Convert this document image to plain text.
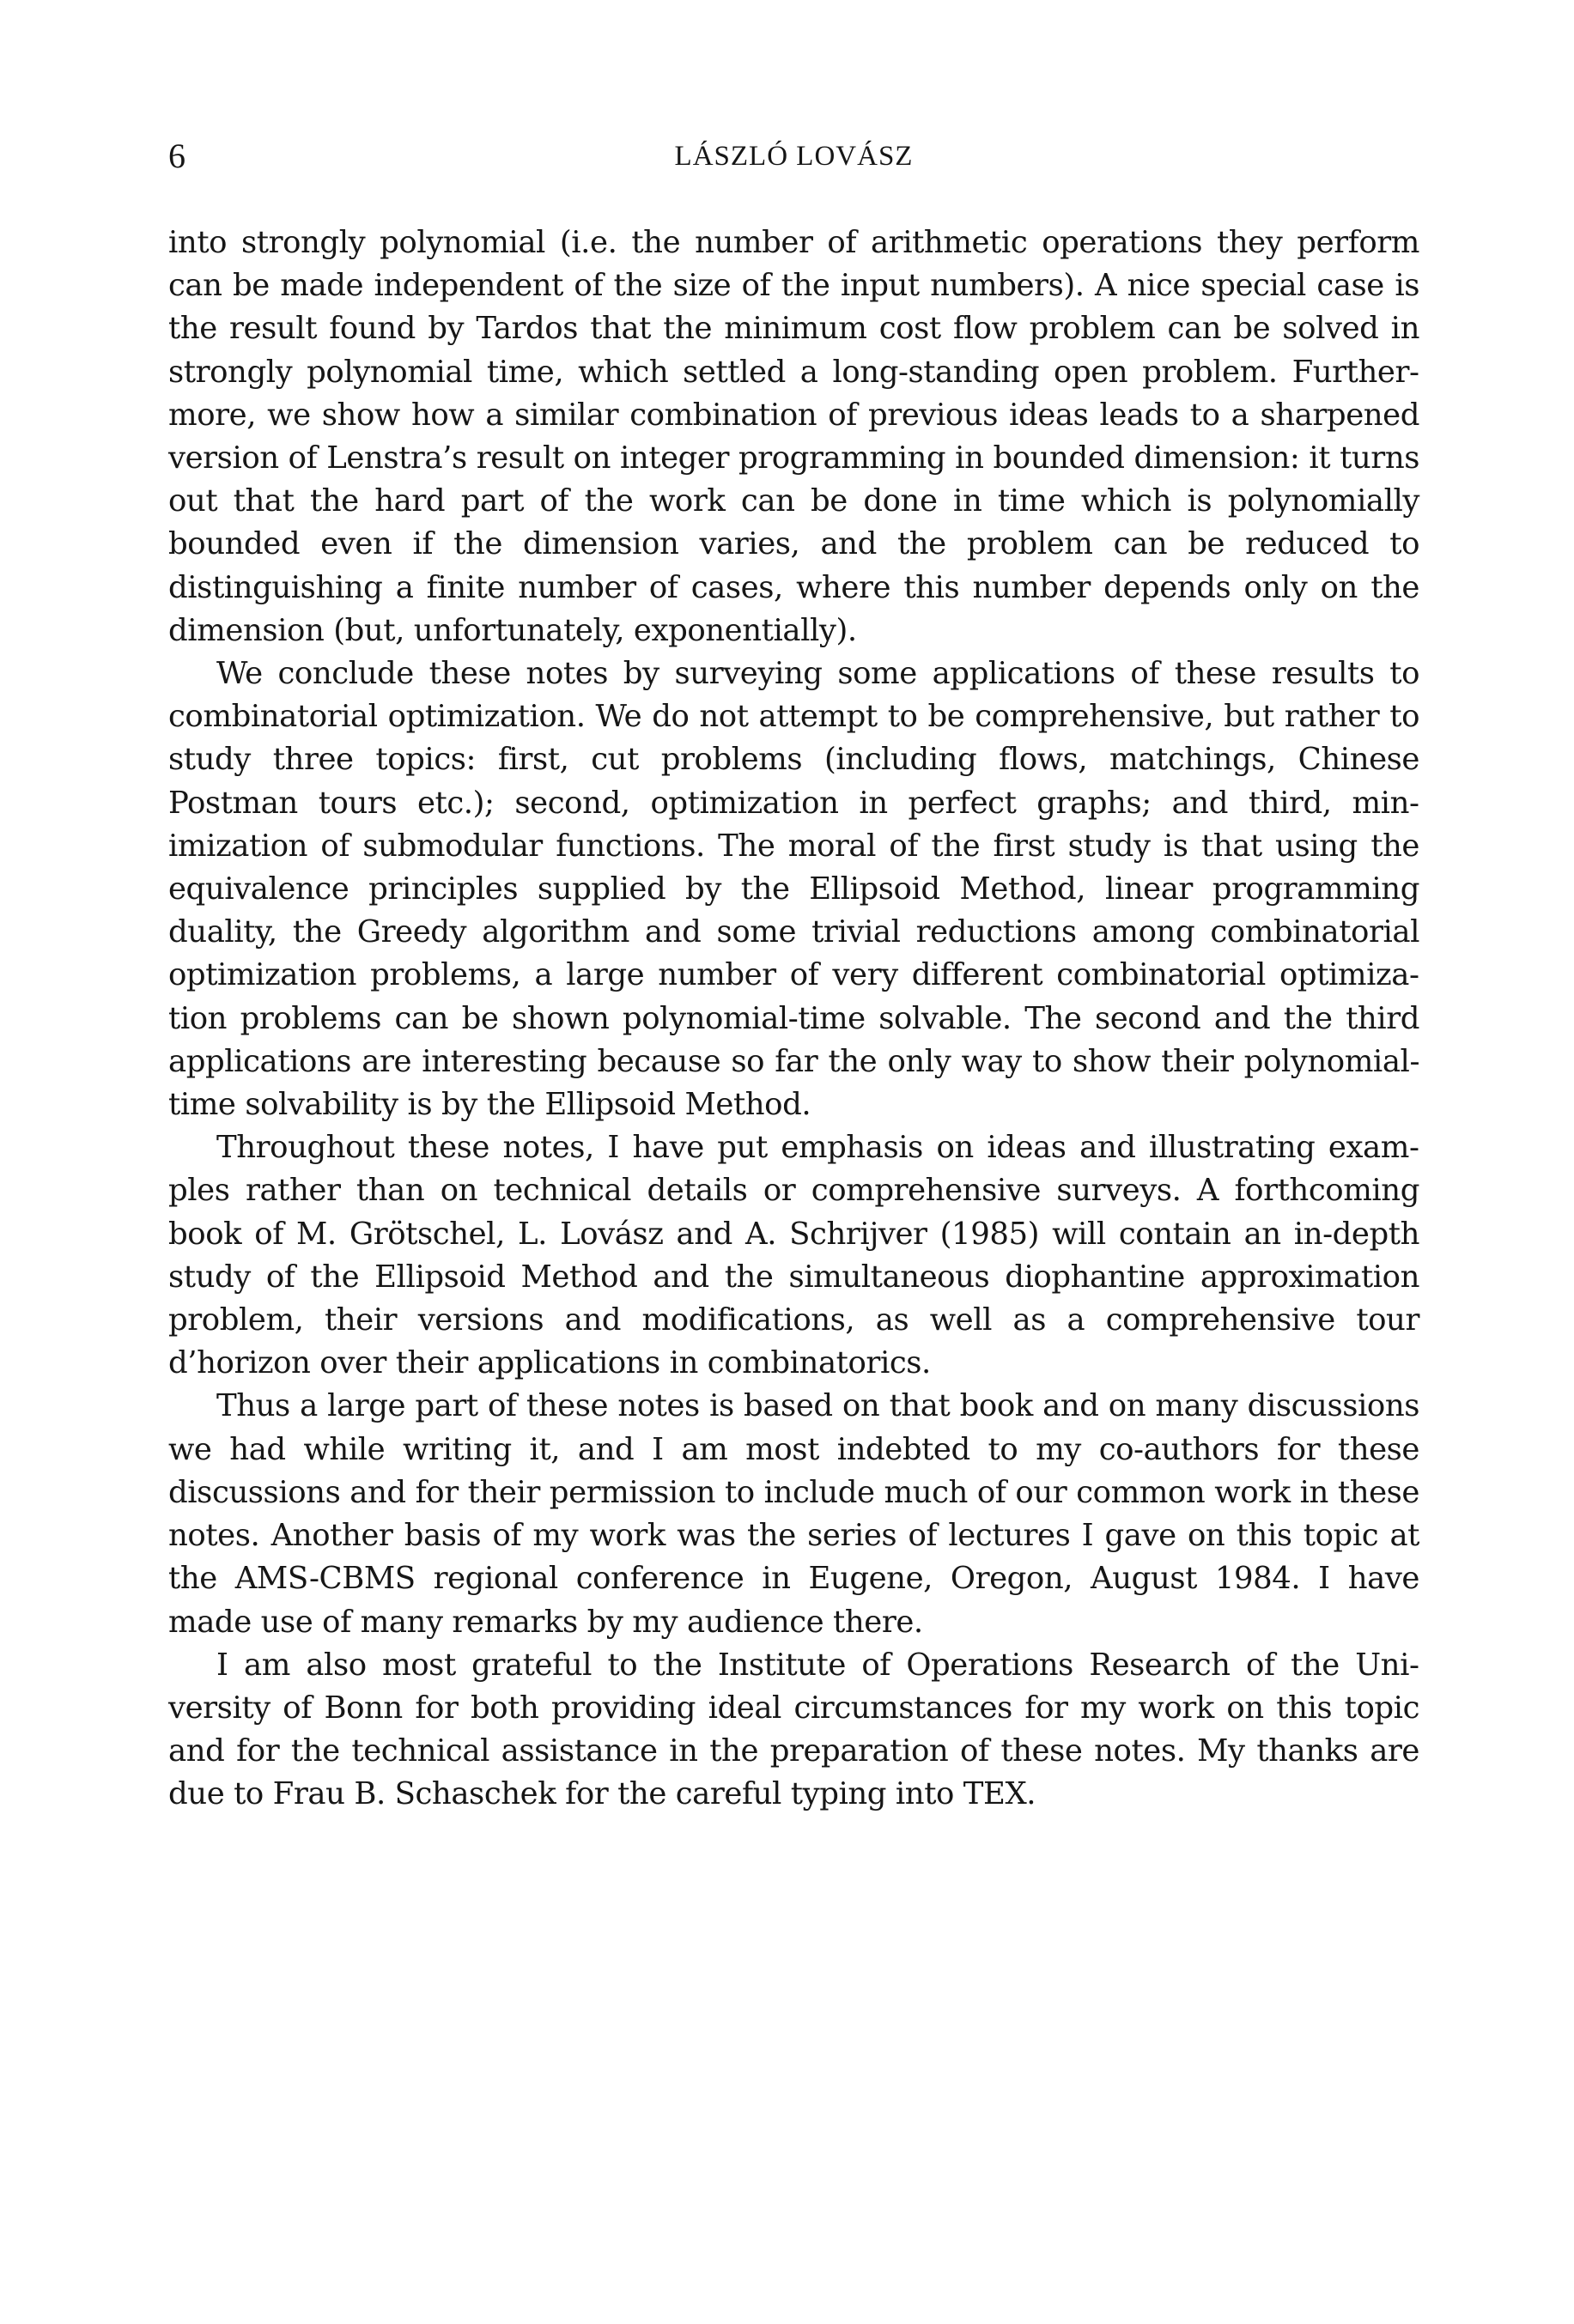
6	LÁSZLÓ LOVÁSZ

into strongly polynomial (i.e. the number of arithmetic operations they perform can be made independent of the size of the input numbers). A nice special case is the result found by Tardos that the minimum cost flow problem can be solved in strongly polynomial time, which settled a long-standing open problem. Furthermore, we show how a similar combination of previous ideas leads to a sharpened version of Lenstra’s result on integer programming in bounded dimension: it turns out that the hard part of the work can be done in time which is polynomially bounded even if the dimension varies, and the problem can be reduced to distinguishing a finite number of cases, where this number depends only on the dimension (but, unfortunately, exponentially).

We conclude these notes by surveying some applications of these results to combinatorial optimization. We do not attempt to be comprehensive, but rather to study three topics: first, cut problems (including flows, matchings, Chinese Postman tours etc.); second, optimization in perfect graphs; and third, minimization of submodular functions. The moral of the first study is that using the equivalence principles supplied by the Ellipsoid Method, linear programming duality, the Greedy algorithm and some trivial reductions among combinatorial optimization problems, a large number of very different combinatorial optimization problems can be shown polynomial-time solvable. The second and the third applications are interesting because so far the only way to show their polynomial-time solvability is by the Ellipsoid Method.

Throughout these notes, I have put emphasis on ideas and illustrating examples rather than on technical details or comprehensive surveys. A forthcoming book of M. Grötschel, L. Lovász and A. Schrijver (1985) will contain an in-depth study of the Ellipsoid Method and the simultaneous diophantine approximation problem, their versions and modifications, as well as a comprehensive tour d’horizon over their applications in combinatorics.

Thus a large part of these notes is based on that book and on many discussions we had while writing it, and I am most indebted to my co-authors for these discussions and for their permission to include much of our common work in these notes. Another basis of my work was the series of lectures I gave on this topic at the AMS-CBMS regional conference in Eugene, Oregon, August 1984. I have made use of many remarks by my audience there.

I am also most grateful to the Institute of Operations Research of the University of Bonn for both providing ideal circumstances for my work on this topic and for the technical assistance in the preparation of these notes. My thanks are due to Frau B. Schaschek for the careful typing into TEX.
